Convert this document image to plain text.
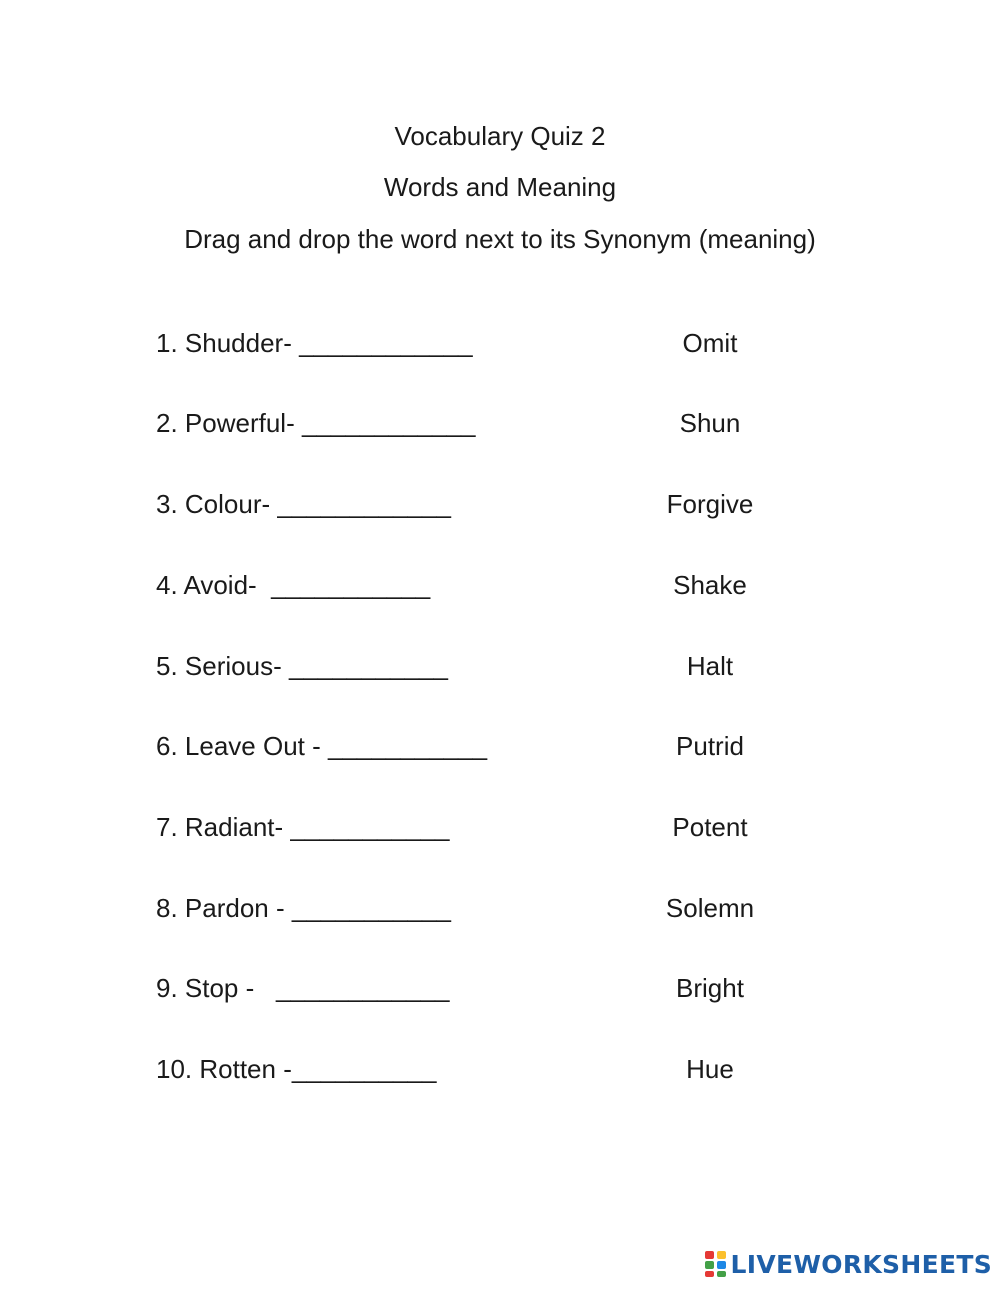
Vocabulary Quiz 2
Words and Meaning
Drag and drop the word next to its Synonym (meaning)
1. Shudder- ____________
2. Powerful- ____________
3. Colour- ____________
4. Avoid-  ___________
5. Serious- ___________
6. Leave Out - ___________
7. Radiant- ___________
8. Pardon - ___________
9. Stop -   ____________
10. Rotten -__________
Omit
Shun
Forgive
Shake
Halt
Putrid
Potent
Solemn
Bright
Hue
LIVEWORKSHEETS
